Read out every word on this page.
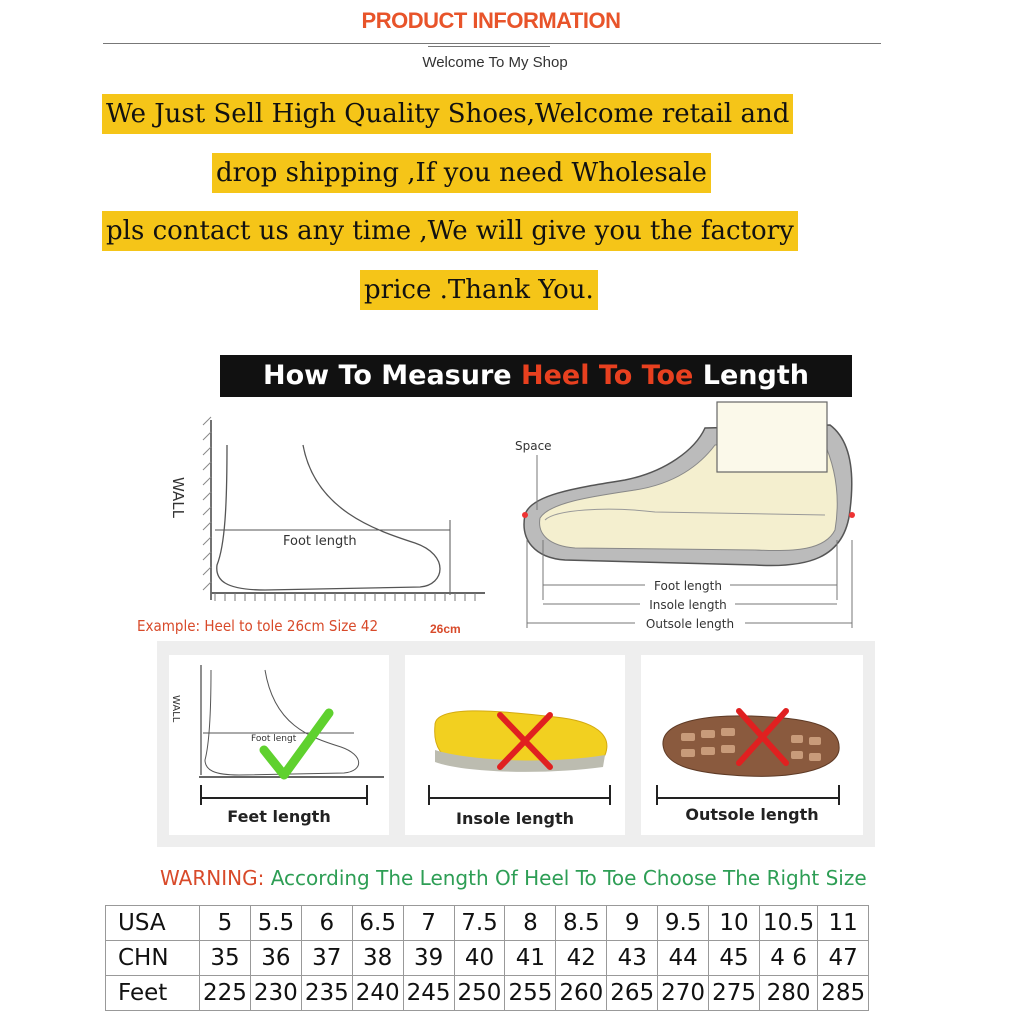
PRODUCT INFORMATION
Welcome To My Shop
We Just Sell High Quality Shoes,Welcome retail and
drop shipping ,If you need Wholesale
pls contact us any time ,We will give you the factory
price .Thank You.
How To Measure Heel To Toe Length
WALL
Foot length
Example: Heel to tole 26cm Size 42	26cm
Space
Foot length
Insole length
Outsole length
WALL
Foot lengt
Feet length	Insole length	Outsole length
WARNING: According The Length Of Heel To Toe Choose The Right Size
USA	5	5.5	6	6.5	7	7.5	8	8.5	9	9.5	10	10.5	11
CHN	35	36	37	38	39	40	41	42	43	44	45	4 6	47
Feet	225	230	235	240	245	250	255	260	265	270	275	280	285
